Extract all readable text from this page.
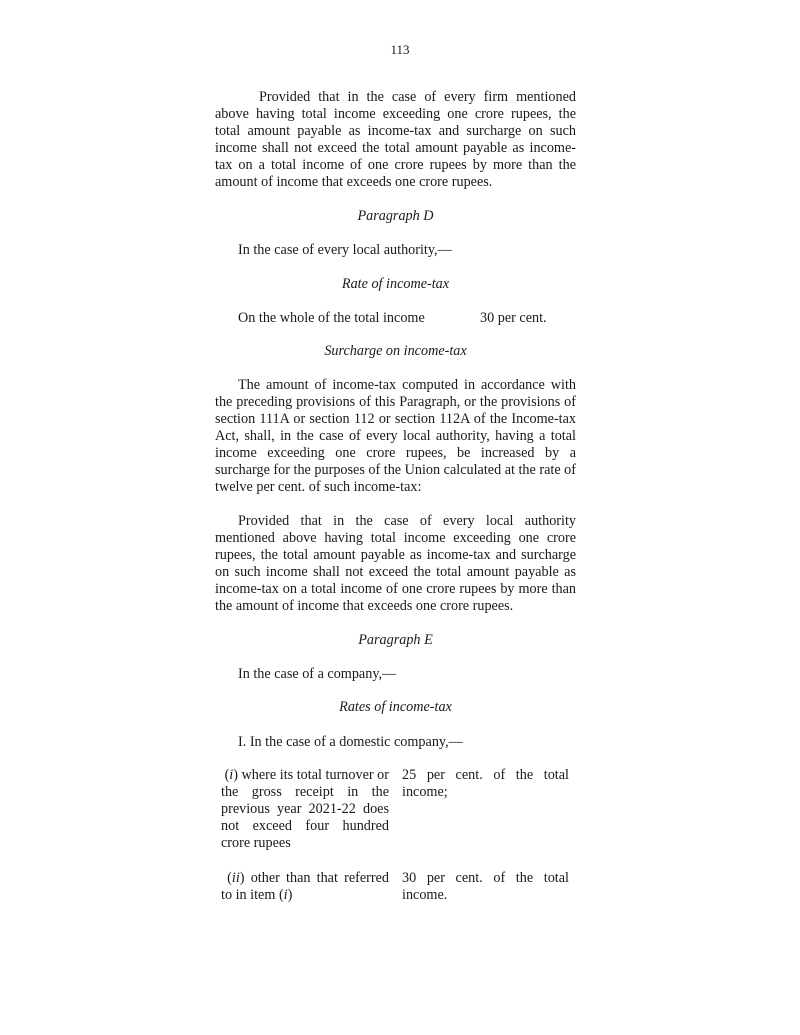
113

Provided that in the case of every firm mentioned above having total income exceeding one crore rupees, the total amount payable as income-tax and surcharge on such income shall not exceed the total amount payable as income-tax on a total income of one crore rupees by more than the amount of income that exceeds one crore rupees.

Paragraph D
In the case of every local authority,—
Rate of income-tax
On the whole of the total income	30 per cent.
Surcharge on income-tax

The amount of income-tax computed in accordance with the preceding provisions of this Paragraph, or the provisions of section 111A or section 112 or section 112A of the Income-tax Act, shall, in the case of every local authority, having a total income exceeding one crore rupees, be increased by a surcharge for the purposes of the Union calculated at the rate of twelve per cent. of such income-tax:

Provided that in the case of every local authority mentioned above having total income exceeding one crore rupees, the total amount payable as income-tax and surcharge on such income shall not exceed the total amount payable as income-tax on a total income of one crore rupees by more than the amount of income that exceeds one crore rupees.

Paragraph E
In the case of a company,—
Rates of income-tax
I. In the case of a domestic company,—
(i) where its total turnover or the gross receipt in the previous year 2021-22 does not exceed four hundred crore rupees
25 per cent. of the total income;
(ii) other than that referred to in item (i)
30 per cent. of the total income.
